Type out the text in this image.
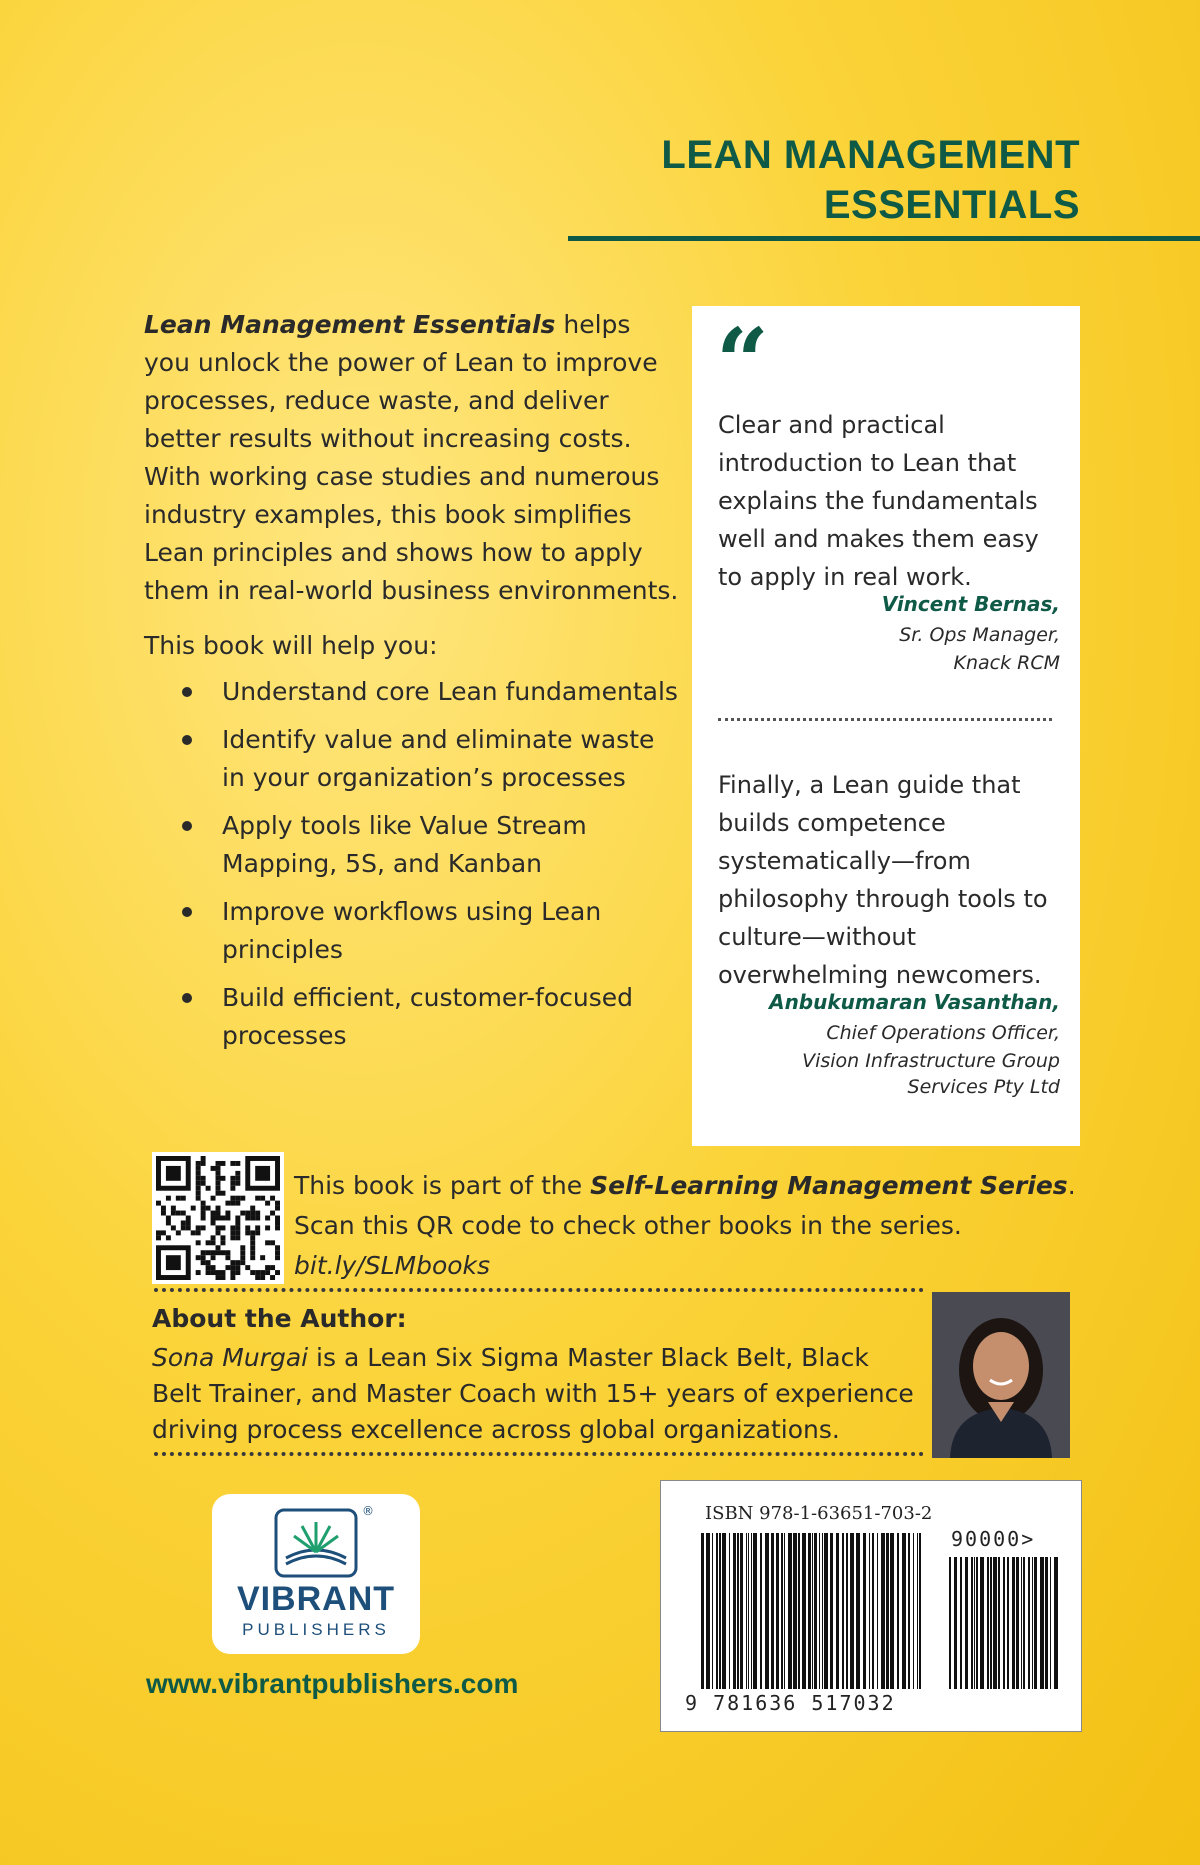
LEAN MANAGEMENT
ESSENTIALS

Lean Management Essentials helps you unlock the power of Lean to improve processes, reduce waste, and deliver better results without increasing costs. With working case studies and numerous industry examples, this book simplifies Lean principles and shows how to apply them in real-world business environments.

This book will help you:
Understand core Lean fundamentals
Identify value and eliminate waste in your organization’s processes
Apply tools like Value Stream Mapping, 5S, and Kanban
Improve workflows using Lean principles
Build efficient, customer-focused processes
“
Clear and practical introduction to Lean that explains the fundamentals well and makes them easy to apply in real work.
Vincent Bernas,
Sr. Ops Manager,
Knack RCM
Finally, a Lean guide that builds competence systematically—from philosophy through tools to culture—without overwhelming newcomers.
Anbukumaran Vasanthan,
Chief Operations Officer,
Vision Infrastructure Group
Services Pty Ltd
This book is part of the Self-Learning Management Series.
Scan this QR code to check other books in the series.
bit.ly/SLMbooks
About the Author:
Sona Murgai is a Lean Six Sigma Master Black Belt, Black Belt Trainer, and Master Coach with 15+ years of experience driving process excellence across global organizations.
®
VIBRANT
PUBLISHERS
www.vibrantpublishers.com
ISBN 978-1-63651-703-2
90000>
9 781636 517032
